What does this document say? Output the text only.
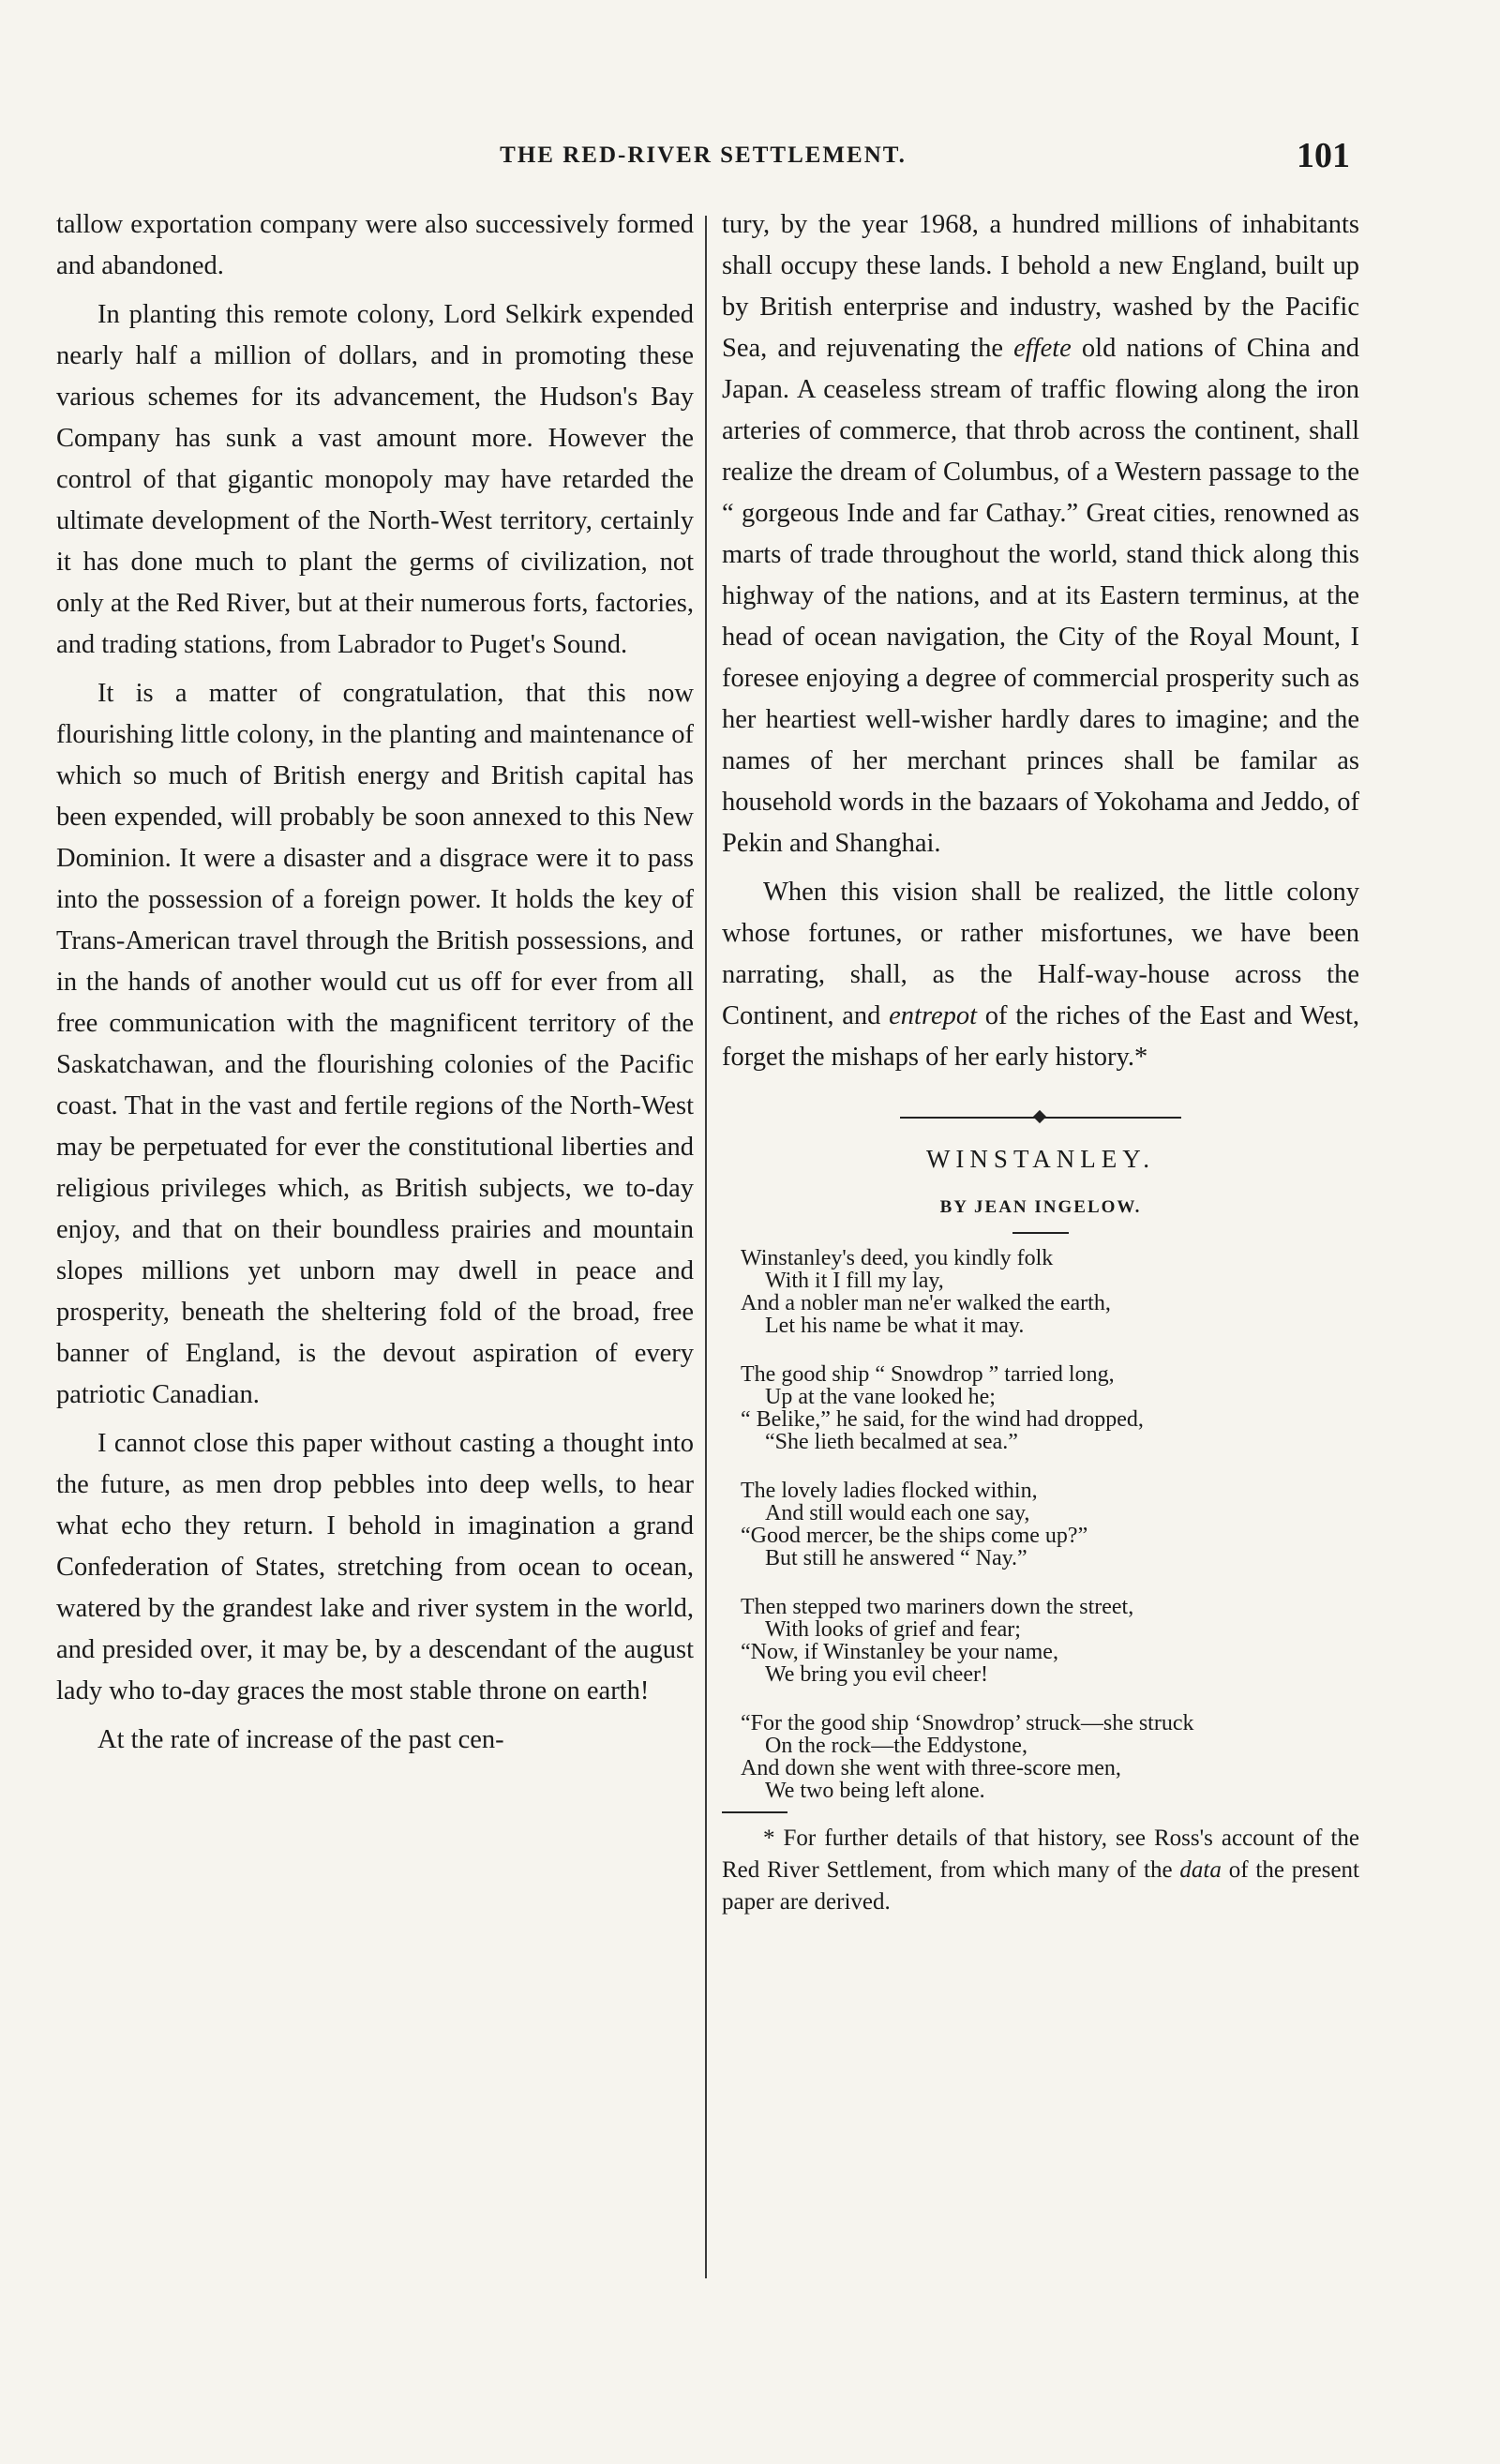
THE RED-RIVER SETTLEMENT.	101

tallow exportation company were also successively formed and abandoned.

In planting this remote colony, Lord Selkirk expended nearly half a million of dollars, and in promoting these various schemes for its advancement, the Hudson's Bay Company has sunk a vast amount more. However the control of that gigantic monopoly may have retarded the ultimate development of the North-West territory, certainly it has done much to plant the germs of civilization, not only at the Red River, but at their numerous forts, factories, and trading stations, from Labrador to Puget's Sound.

It is a matter of congratulation, that this now flourishing little colony, in the planting and maintenance of which so much of British energy and British capital has been expended, will probably be soon annexed to this New Dominion. It were a disaster and a disgrace were it to pass into the possession of a foreign power. It holds the key of Trans-American travel through the British possessions, and in the hands of another would cut us off for ever from all free communication with the magnificent territory of the Saskatchawan, and the flourishing colonies of the Pacific coast. That in the vast and fertile regions of the North-West may be perpetuated for ever the constitutional liberties and religious privileges which, as British subjects, we to-day enjoy, and that on their boundless prairies and mountain slopes millions yet unborn may dwell in peace and prosperity, beneath the sheltering fold of the broad, free banner of England, is the devout aspiration of every patriotic Canadian.

I cannot close this paper without casting a thought into the future, as men drop pebbles into deep wells, to hear what echo they return. I behold in imagination a grand Confederation of States, stretching from ocean to ocean, watered by the grandest lake and river system in the world, and presided over, it may be, by a descendant of the august lady who to-day graces the most stable throne on earth!

At the rate of increase of the past cen-

tury, by the year 1968, a hundred millions of inhabitants shall occupy these lands. I behold a new England, built up by British enterprise and industry, washed by the Pacific Sea, and rejuvenating the effete old nations of China and Japan. A ceaseless stream of traffic flowing along the iron arteries of commerce, that throb across the continent, shall realize the dream of Columbus, of a Western passage to the “ gorgeous Inde and far Cathay.” Great cities, renowned as marts of trade throughout the world, stand thick along this highway of the nations, and at its Eastern terminus, at the head of ocean navigation, the City of the Royal Mount, I foresee enjoying a degree of commercial prosperity such as her heartiest well-wisher hardly dares to imagine; and the names of her merchant princes shall be familar as household words in the bazaars of Yokohama and Jeddo, of Pekin and Shanghai.

When this vision shall be realized, the little colony whose fortunes, or rather misfortunes, we have been narrating, shall, as the Half-way-house across the Continent, and entrepot of the riches of the East and West, forget the mishaps of her early history.*

WINSTANLEY.
BY JEAN INGELOW.
Winstanley's deed, you kindly folk
With it I fill my lay,
And a nobler man ne'er walked the earth,
Let his name be what it may.
The good ship “ Snowdrop ” tarried long,
Up at the vane looked he;
“ Belike,” he said, for the wind had dropped,
“She lieth becalmed at sea.”
The lovely ladies flocked within,
And still would each one say,
“Good mercer, be the ships come up?”
But still he answered “ Nay.”
Then stepped two mariners down the street,
With looks of grief and fear;
“Now, if Winstanley be your name,
We bring you evil cheer!
“For the good ship ‘Snowdrop’ struck—she struck
On the rock—the Eddystone,
And down she went with three-score men,
We two being left alone.

* For further details of that history, see Ross's account of the Red River Settlement, from which many of the data of the present paper are derived.
